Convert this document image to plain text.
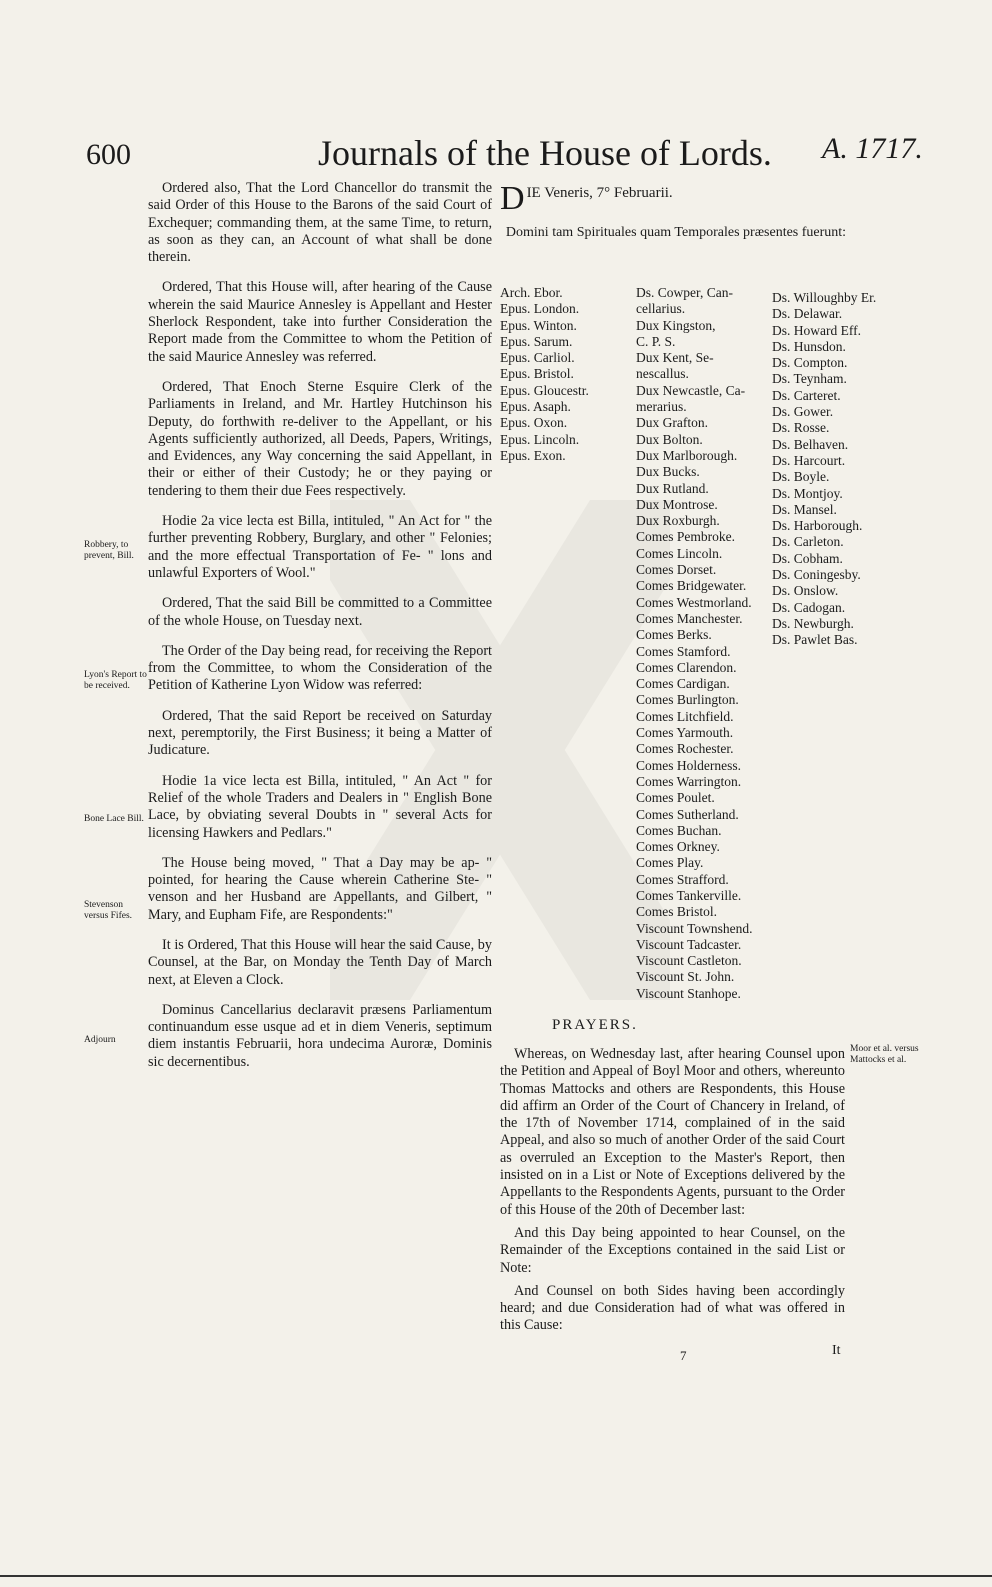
600	Journals of the House of Lords. A. 1717.

Ordered also, That the Lord Chancellor do transmit the said Order of this House to the Barons of the said Court of Exchequer; commanding them, at the same Time, to return, as soon as they can, an Account of what shall be done therein.

Ordered, That this House will, after hearing of the Cause wherein the said Maurice Annesley is Appellant and Hester Sherlock Respondent, take into further Consideration the Report made from the Committee to whom the Petition of the said Maurice Annesley was referred.

Ordered, That Enoch Sterne Esquire Clerk of the Parliaments in Ireland, and Mr. Hartley Hutchinson his Deputy, do forthwith re-deliver to the Appellant, or his Agents sufficiently authorized, all Deeds, Papers, Writings, and Evidences, any Way concerning the said Appellant, in their or either of their Custody; he or they paying or tendering to them their due Fees respectively.

Hodie 2a vice lecta est Billa, intituled, " An Act for " the further preventing Robbery, Burglary, and other " Felonies; and the more effectual Transportation of Fe- " lons and unlawful Exporters of Wool."

Ordered, That the said Bill be committed to a Committee of the whole House, on Tuesday next.

The Order of the Day being read, for receiving the Report from the Committee, to whom the Consideration of the Petition of Katherine Lyon Widow was referred:

Ordered, That the said Report be received on Saturday next, peremptorily, the First Business; it being a Matter of Judicature.

Hodie 1a vice lecta est Billa, intituled, " An Act " for Relief of the whole Traders and Dealers in " English Bone Lace, by obviating several Doubts in " several Acts for licensing Hawkers and Pedlars."

The House being moved, " That a Day may be ap- " pointed, for hearing the Cause wherein Catherine Ste- " venson and her Husband are Appellants, and Gilbert, " Mary, and Eupham Fife, are Respondents:"

It is Ordered, That this House will hear the said Cause, by Counsel, at the Bar, on Monday the Tenth Day of March next, at Eleven a Clock.

Dominus Cancellarius declaravit præsens Parliamentum continuandum esse usque ad et in diem Veneris, septimum diem instantis Februarii, hora undecima Auroræ, Dominis sic decernentibus.

Robbery, to prevent, Bill.
Lyon's Report to be received.
Bone Lace Bill.
Stevenson versus Fifes.
Adjourn
Moor et al. versus Mattocks et al.
D IE Veneris, 7° Februarii.
Domini tam Spirituales quam Temporales præsentes fuerunt:
Arch. Ebor.
Epus. London.
Epus. Winton.
Epus. Sarum.
Epus. Carliol.
Epus. Bristol.
Epus. Gloucestr.
Epus. Asaph.
Epus. Oxon.
Epus. Lincoln.
Epus. Exon.
Ds. Cowper, Can-
cellarius.
Dux Kingston,
C. P. S.
Dux Kent, Se-
nescallus.
Dux Newcastle, Ca-
merarius.
Dux Grafton.
Dux Bolton.
Dux Marlborough.
Dux Bucks.
Dux Rutland.
Dux Montrose.
Dux Roxburgh.
Comes Pembroke.
Comes Lincoln.
Comes Dorset.
Comes Bridgewater.
Comes Westmorland.
Comes Manchester.
Comes Berks.
Comes Stamford.
Comes Clarendon.
Comes Cardigan.
Comes Burlington.
Comes Litchfield.
Comes Yarmouth.
Comes Rochester.
Comes Holderness.
Comes Warrington.
Comes Poulet.
Comes Sutherland.
Comes Buchan.
Comes Orkney.
Comes Play.
Comes Strafford.
Comes Tankerville.
Comes Bristol.
Viscount Townshend.
Viscount Tadcaster.
Viscount Castleton.
Viscount St. John.
Viscount Stanhope.
Ds. Willoughby Er.
Ds. Delawar.
Ds. Howard Eff.
Ds. Hunsdon.
Ds. Compton.
Ds. Teynham.
Ds. Carteret.
Ds. Gower.
Ds. Rosse.
Ds. Belhaven.
Ds. Harcourt.
Ds. Boyle.
Ds. Montjoy.
Ds. Mansel.
Ds. Harborough.
Ds. Carleton.
Ds. Cobham.
Ds. Coningesby.
Ds. Onslow.
Ds. Cadogan.
Ds. Newburgh.
Ds. Pawlet Bas.
PRAYERS.

Whereas, on Wednesday last, after hearing Counsel upon the Petition and Appeal of Boyl Moor and others, whereunto Thomas Mattocks and others are Respondents, this House did affirm an Order of the Court of Chancery in Ireland, of the 17th of November 1714, complained of in the said Appeal, and also so much of another Order of the said Court as overruled an Exception to the Master's Report, then insisted on in a List or Note of Exceptions delivered by the Appellants to the Respondents Agents, pursuant to the Order of this House of the 20th of December last:

And this Day being appointed to hear Counsel, on the Remainder of the Exceptions contained in the said List or Note:

And Counsel on both Sides having been accordingly heard; and due Consideration had of what was offered in this Cause:

7	It
